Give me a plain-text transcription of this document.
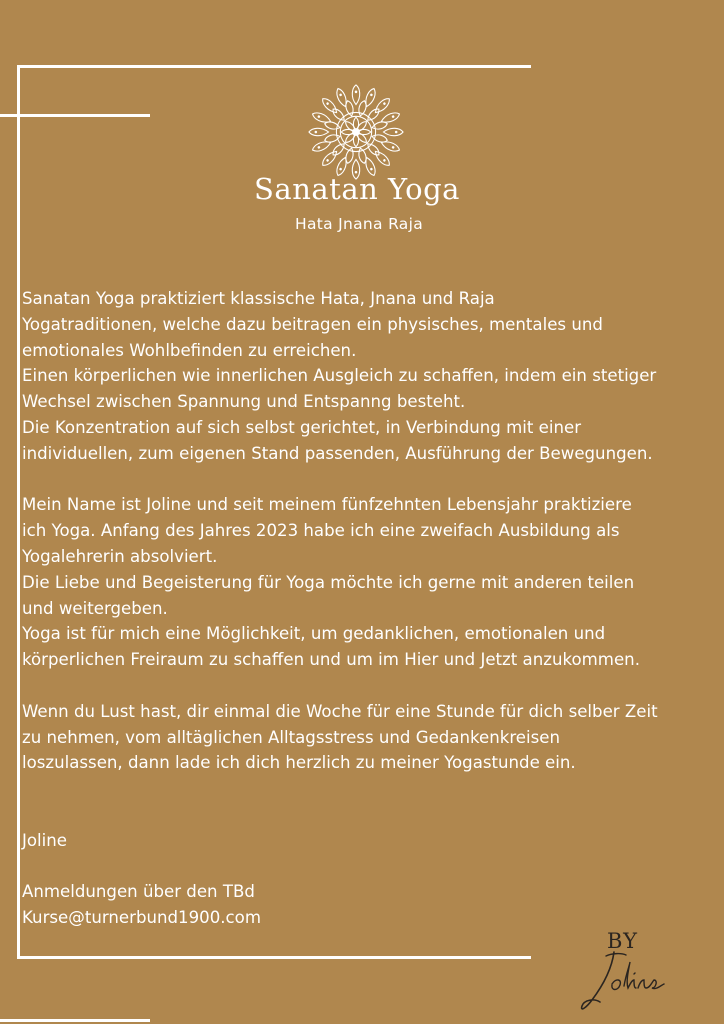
Sanatan Yoga
Hata Jnana Raja

Sanatan Yoga praktiziert klassische Hata, Jnana und Raja

Yogatraditionen, welche dazu beitragen ein physisches, mentales und

emotionales Wohlbefinden zu erreichen.

Einen körperlichen wie innerlichen Ausgleich zu schaffen, indem ein stetiger

Wechsel zwischen Spannung und Entspanng besteht.

Die Konzentration auf sich selbst gerichtet, in Verbindung mit einer

individuellen, zum eigenen Stand passenden, Ausführung der Bewegungen.

Mein Name ist Joline und seit meinem fünfzehnten Lebensjahr praktiziere

ich Yoga. Anfang des Jahres 2023 habe ich eine zweifach Ausbildung als

Yogalehrerin absolviert.

Die Liebe und Begeisterung für Yoga möchte ich gerne mit anderen teilen

und weitergeben.

Yoga ist für mich eine Möglichkeit, um gedanklichen, emotionalen und

körperlichen Freiraum zu schaffen und um im Hier und Jetzt anzukommen.

Wenn du Lust hast, dir einmal die Woche für eine Stunde für dich selber Zeit

zu nehmen, vom alltäglichen Alltagsstress und Gedankenkreisen

loszulassen, dann lade ich dich herzlich zu meiner Yogastunde ein.

Joline

Anmeldungen über den TBd

Kurse@turnerbund1900.com

BY
